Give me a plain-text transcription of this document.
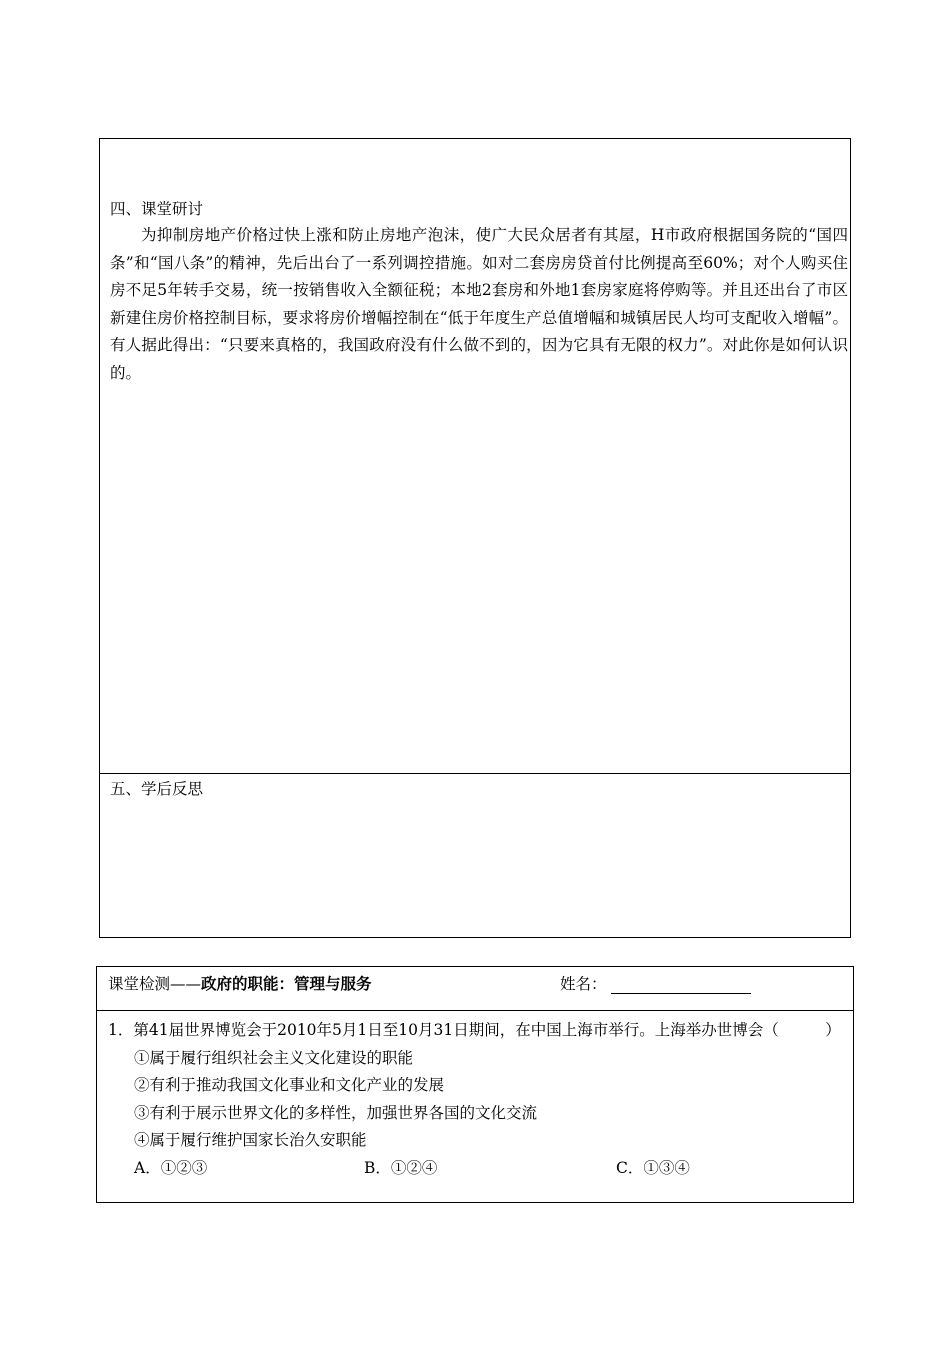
四、课堂研讨
为抑制房地产价格过快上涨和防止房地产泡沫，使广大民众居者有其屋，H市政府根据国务院的“国四条”和“国八条”的精神，先后出台了一系列调控措施。如对二套房房贷首付比例提高至60%；对个人购买住房不足5年转手交易，统一按销售收入全额征税；本地2套房和外地1套房家庭将停购等。并且还出台了市区新建住房价格控制目标，要求将房价增幅控制在“低于年度生产总值增幅和城镇居民人均可支配收入增幅”。有人据此得出：“只要来真格的，我国政府没有什么做不到的，因为它具有无限的权力”。对此你是如何认识的。
五、学后反思
课堂检测——政府的职能：管理与服务	姓名：

1．第41届世界博览会于2010年5月1日至10月31日期间，在中国上海市举行。上海举办世博会（　　　）

①属于履行组织社会主义文化建设的职能

②有利于推动我国文化事业和文化产业的发展

③有利于展示世界文化的多样性，加强世界各国的文化交流

④属于履行维护国家长治久安职能

A．①②③	B．①②④	C．①③④
